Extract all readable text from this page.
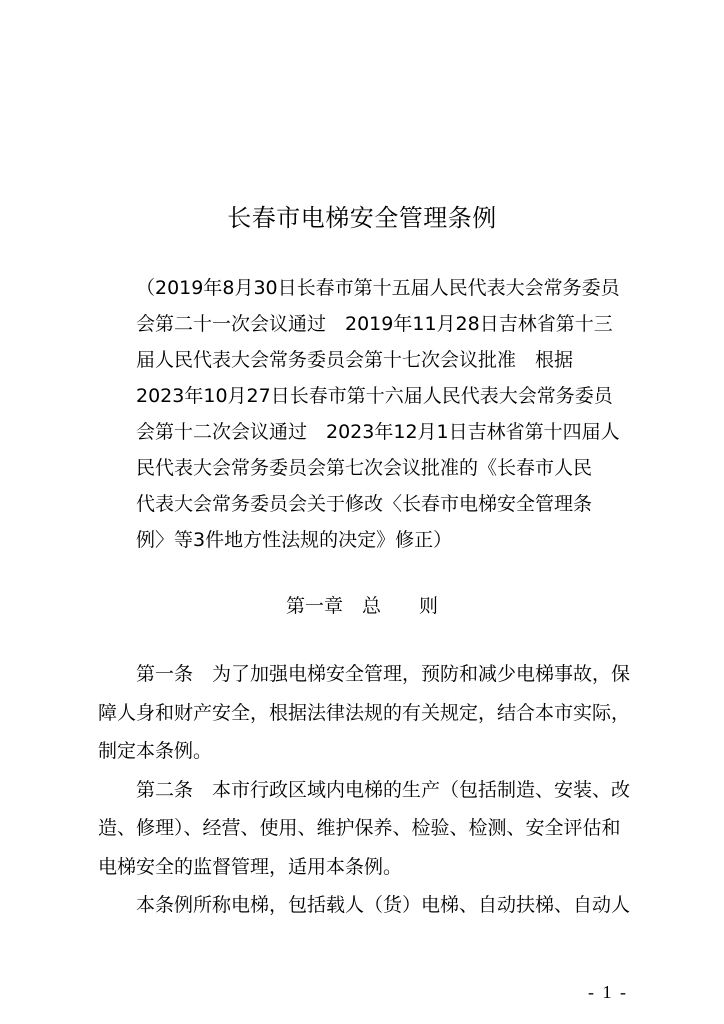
长春市电梯安全管理条例
（2019年8月30日长春市第十五届人民代表大会常务委员
会第二十一次会议通过　2019年11月28日吉林省第十三
届人民代表大会常务委员会第十七次会议批准　根据
2023年10月27日长春市第十六届人民代表大会常务委员
会第十二次会议通过　2023年12月1日吉林省第十四届人
民代表大会常务委员会第七次会议批准的《长春市人民
代表大会常务委员会关于修改〈长春市电梯安全管理条
例〉等3件地方性法规的决定》修正）
第一章　总　　则
第一条　为了加强电梯安全管理，预防和减少电梯事故，保
障人身和财产安全，根据法律法规的有关规定，结合本市实际，
制定本条例。
第二条　本市行政区域内电梯的生产（包括制造、安装、改
造、修理）、经营、使用、维护保养、检验、检测、安全评估和
电梯安全的监督管理，适用本条例。
本条例所称电梯，包括载人（货）电梯、自动扶梯、自动人
- 1 -
